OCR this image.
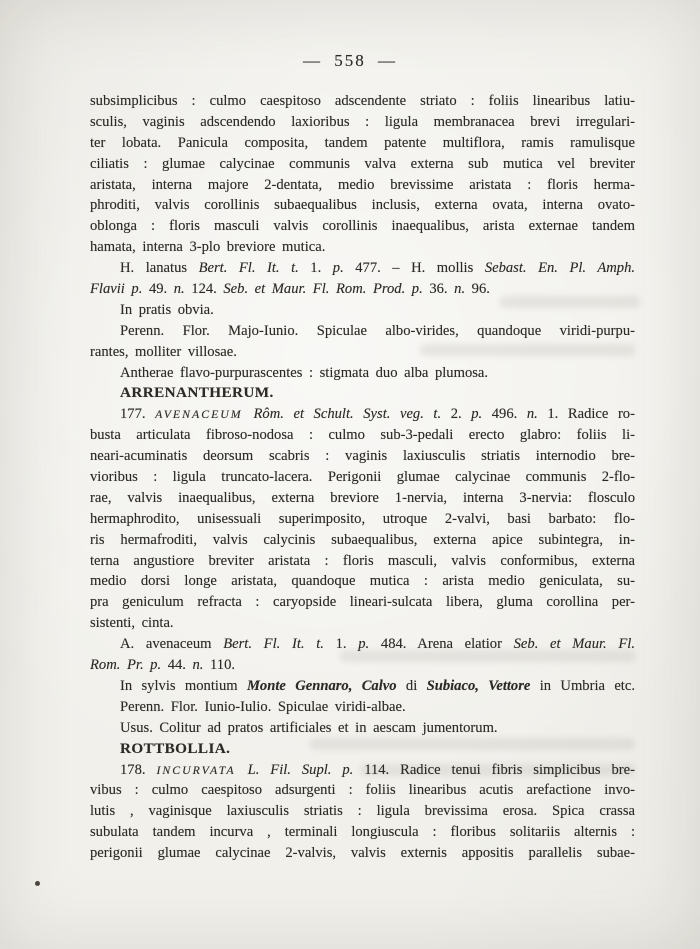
— 558 —
subsimplicibus : culmo caespitoso adscendente striato : foliis linearibus latiu-
sculis, vaginis adscendendo laxioribus : ligula membranacea brevi irregulari-
ter lobata. Panicula composita, tandem patente multiflora, ramis ramulisque
ciliatis : glumae calycinae communis valva externa sub mutica vel breviter
aristata, interna majore 2-dentata, medio brevissime aristata : floris herma-
phroditi, valvis corollinis subaequalibus inclusis, externa ovata, interna ovato-
oblonga : floris masculi valvis corollinis inaequalibus, arista externae tandem
hamata, interna 3-plo breviore mutica.
H. lanatus Bert. Fl. It. t. 1. p. 477. – H. mollis Sebast. En. Pl. Amph.
Flavii p. 49. n. 124. Seb. et Maur. Fl. Rom. Prod. p. 36. n. 96.
In pratis obvia.
Perenn. Flor. Majo-Iunio. Spiculae albo-virides, quandoque viridi-purpu-
rantes, molliter villosae.
Antherae flavo-purpurascentes : stigmata duo alba plumosa.
ARRENANTHERUM.
177. AVENACEUM Rôm. et Schult. Syst. veg. t. 2. p. 496. n. 1. Radice ro-
busta articulata fibroso-nodosa : culmo sub-3-pedali erecto glabro: foliis li-
neari-acuminatis deorsum scabris : vaginis laxiusculis striatis internodio bre-
vioribus : ligula truncato-lacera. Perigonii glumae calycinae communis 2-flo-
rae, valvis inaequalibus, externa breviore 1-nervia, interna 3-nervia: flosculo
hermaphrodito, unisessuali superimposito, utroque 2-valvi, basi barbato: flo-
ris hermafroditi, valvis calycinis subaequalibus, externa apice subintegra, in-
terna angustiore breviter aristata : floris masculi, valvis conformibus, externa
medio dorsi longe aristata, quandoque mutica : arista medio geniculata, su-
pra geniculum refracta : caryopside lineari-sulcata libera, gluma corollina per-
sistenti, cinta.
A. avenaceum Bert. Fl. It. t. 1. p. 484. Arena elatior Seb. et Maur. Fl.
Rom. Pr. p. 44. n. 110.
In sylvis montium Monte Gennaro, Calvo di Subiaco, Vettore in Umbria etc.
Perenn. Flor. Iunio-Iulio. Spiculae viridi-albae.
Usus. Colitur ad pratos artificiales et in aescam jumentorum.
ROTTBOLLIA.
178. INCURVATA L. Fil. Supl. p. 114. Radice tenui fibris simplicibus bre-
vibus : culmo caespitoso adsurgenti : foliis linearibus acutis arefactione invo-
lutis , vaginisque laxiusculis striatis : ligula brevissima erosa. Spica crassa
subulata tandem incurva , terminali longiuscula : floribus solitariis alternis :
perigonii glumae calycinae 2-valvis, valvis externis appositis parallelis subae-
